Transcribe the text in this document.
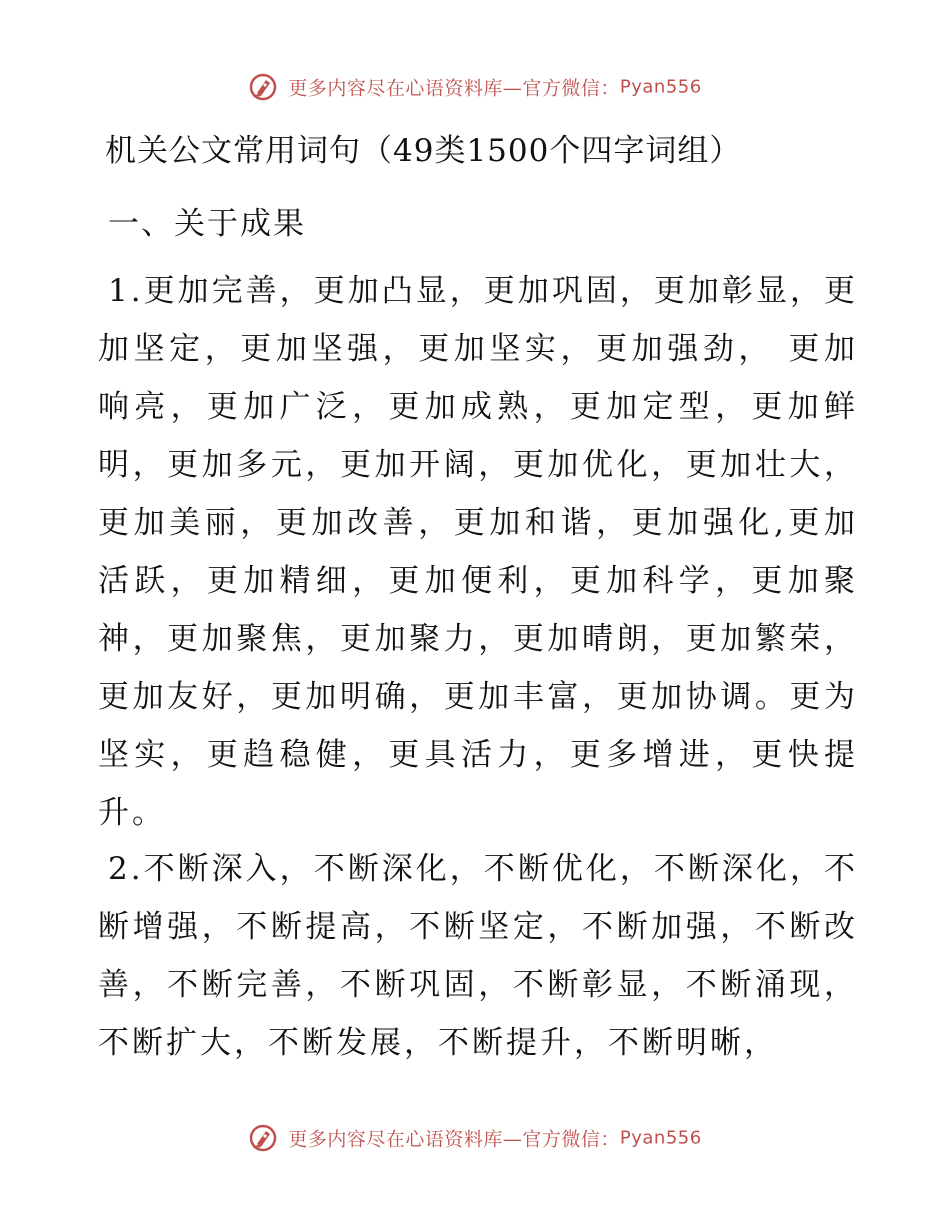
更多内容尽在心语资料库—官方微信：Pyan556
机关公文常用词句（49类1500个四字词组）
一、关于成果
1.更加完善，更加凸显，更加巩固，更加彰显，更加坚定，更加坚强，更加坚实，更加强劲， 更加响亮，更加广泛，更加成熟，更加定型，更加鲜明，更加多元，更加开阔，更加优化，更加壮大，更加美丽，更加改善，更加和谐，更加强化,更加活跃，更加精细，更加便利，更加科学，更加聚神，更加聚焦，更加聚力，更加晴朗，更加繁荣，更加友好，更加明确，更加丰富，更加协调。更为坚实，更趋稳健，更具活力，更多增进，更快提升。
2.不断深入，不断深化，不断优化，不断深化，不断增强，不断提高，不断坚定，不断加强，不断改善，不断完善，不断巩固，不断彰显，不断涌现，不断扩大，不断发展，不断提升，不断明晰，
更多内容尽在心语资料库—官方微信：Pyan556
